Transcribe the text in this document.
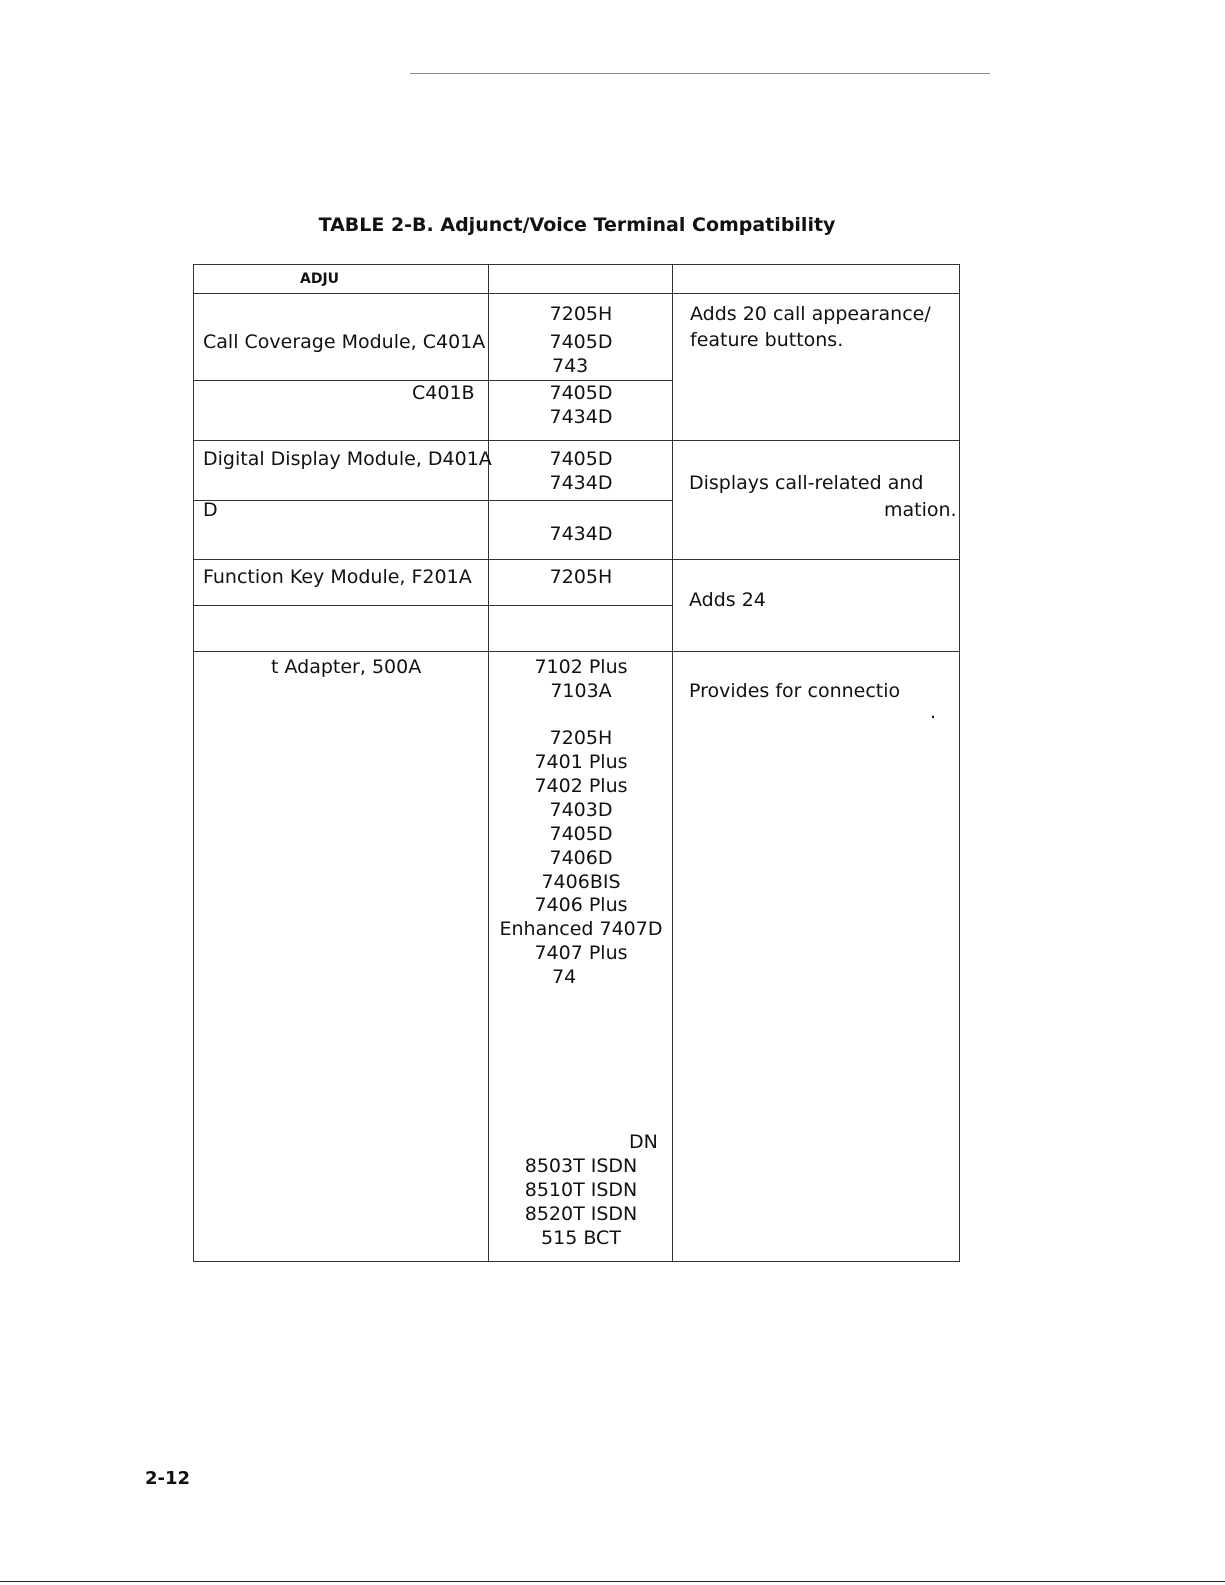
TABLE 2-B. Adjunct/Voice Terminal Compatibility
ADJU
Call Coverage Module, C401A
C401B
7205H
7405D
743
7405D
7434D
Adds 20 call appearance/
feature buttons.
Digital Display Module, D401A
D
7405D
7434D
7434D
Displays call-related and
mation.
Function Key Module, F201A	7205H
Adds 24
t Adapter, 500A	7102 Plus
7103A
7205H
7401 Plus
7402 Plus
7403D
7405D
7406D
7406BIS
7406 Plus
Enhanced 7407D
7407 Plus
74
DN
8503T ISDN
8510T ISDN
8520T ISDN
515 BCT
Provides for connectio
.
2-12
